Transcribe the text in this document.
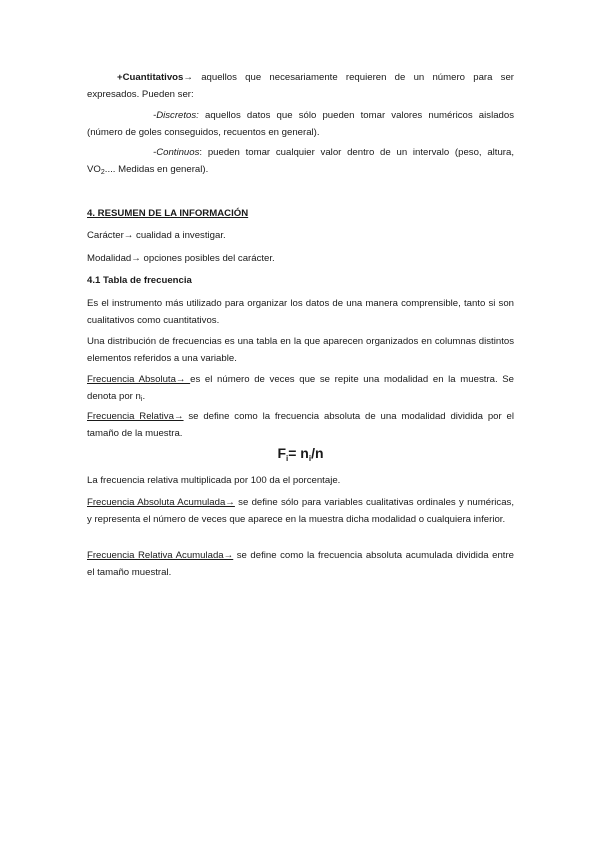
+Cuantitativos→ aquellos que necesariamente requieren de un número para ser expresados. Pueden ser:

-Discretos: aquellos datos que sólo pueden tomar valores numéricos aislados (número de goles conseguidos, recuentos en general).

-Continuos: pueden tomar cualquier valor dentro de un intervalo (peso, altura, $VO_2$.... Medidas en general).

4. RESUMEN DE LA INFORMACIÓN

Carácter→ cualidad a investigar.

Modalidad→ opciones posibles del carácter.

4.1 Tabla de frecuencia

Es el instrumento más utilizado para organizar los datos de una manera comprensible, tanto si son cualitativos como cuantitativos.

Una distribución de frecuencias es una tabla en la que aparecen organizados en columnas distintos elementos referidos a una variable.

Frecuencia Absoluta→ es el número de veces que se repite una modalidad en la muestra. Se denota por $n_i$.

Frecuencia Relativa→ se define como la frecuencia absoluta de una modalidad dividida por el tamaño de la muestra.

$F_i= n_i/n$

La frecuencia relativa multiplicada por 100 da el porcentaje.

Frecuencia Absoluta Acumulada→ se define sólo para variables cualitativas ordinales y numéricas, y representa el número de veces que aparece en la muestra dicha modalidad o cualquiera inferior.

Frecuencia Relativa Acumulada→ se define como la frecuencia absoluta acumulada dividida entre el tamaño muestral.
